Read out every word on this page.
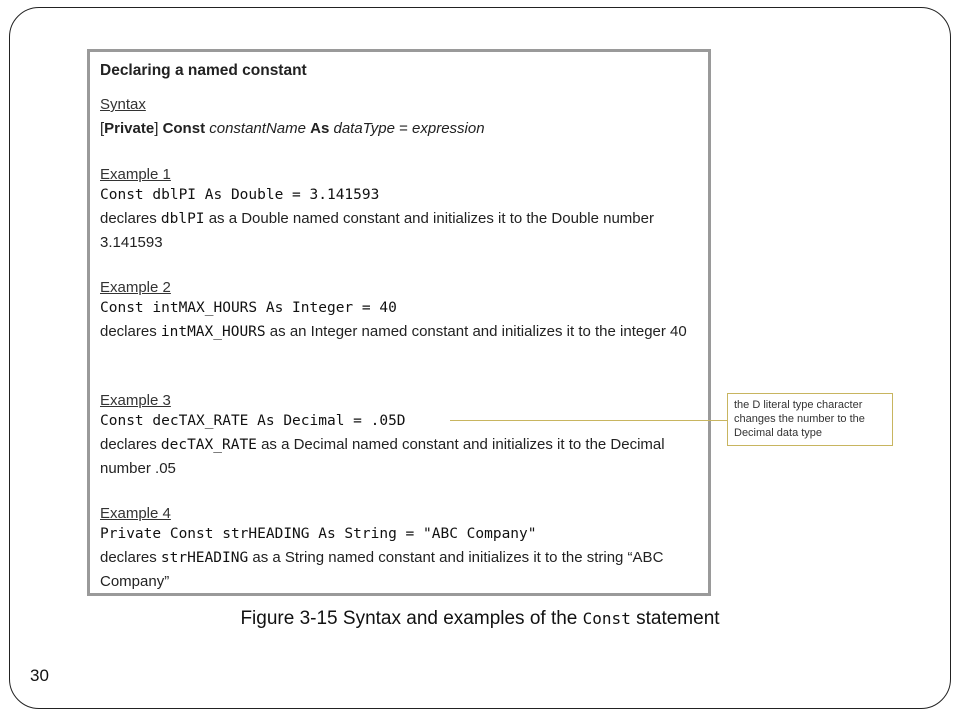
Declaring a named constant
Syntax
[Private] Const constantName As dataType = expression
Example 1
Const dblPI As Double = 3.141593
declares dblPI as a Double named constant and initializes it to the Double number 3.141593
Example 2
Const intMAX_HOURS As Integer = 40
declares intMAX_HOURS as an Integer named constant and initializes it to the integer 40
Example 3
Const decTAX_RATE As Decimal = .05D
declares decTAX_RATE as a Decimal named constant and initializes it to the Decimal number .05
Example 4
Private Const strHEADING As String = "ABC Company"
declares strHEADING as a String named constant and initializes it to the string “ABC Company”
the D literal type character changes the number to the Decimal data type
Figure 3-15 Syntax and examples of the Const statement
30
